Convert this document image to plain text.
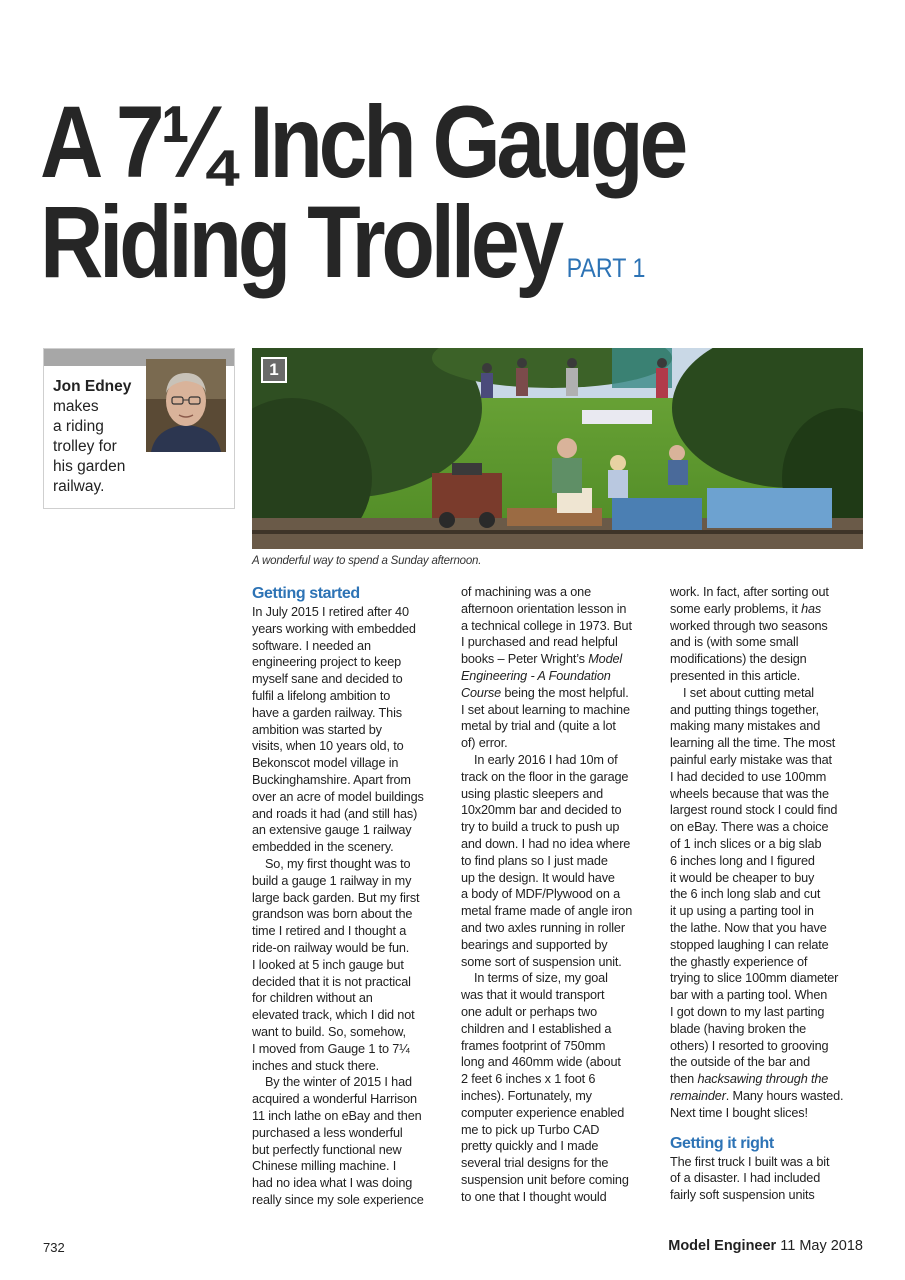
A 7¼ Inch Gauge
Riding Trolley PART 1
Jon Edney
makes
a riding
trolley for
his garden
railway.
1
A wonderful way to spend a Sunday afternoon.
Getting started

In July 2015 I retired after 40
years working with embedded
software. I needed an
engineering project to keep
myself sane and decided to
fulfil a lifelong ambition to
have a garden railway. This
ambition was started by
visits, when 10 years old, to
Bekonscot model village in
Buckinghamshire. Apart from
over an acre of model buildings
and roads it had (and still has)
an extensive gauge 1 railway
embedded in the scenery.

So, my first thought was to
build a gauge 1 railway in my
large back garden. But my first
grandson was born about the
time I retired and I thought a
ride-on railway would be fun.
I looked at 5 inch gauge but
decided that it is not practical
for children without an
elevated track, which I did not
want to build. So, somehow,
I moved from Gauge 1 to 7¼
inches and stuck there.

By the winter of 2015 I had
acquired a wonderful Harrison
11 inch lathe on eBay and then
purchased a less wonderful
but perfectly functional new
Chinese milling machine. I
had no idea what I was doing
really since my sole experience

of machining was a one
afternoon orientation lesson in
a technical college in 1973. But
I purchased and read helpful
books – Peter Wright’s Model
Engineering - A Foundation
Course being the most helpful.
I set about learning to machine
metal by trial and (quite a lot
of) error.

In early 2016 I had 10m of
track on the floor in the garage
using plastic sleepers and
10x20mm bar and decided to
try to build a truck to push up
and down. I had no idea where
to find plans so I just made
up the design. It would have
a body of MDF/Plywood on a
metal frame made of angle iron
and two axles running in roller
bearings and supported by
some sort of suspension unit.

In terms of size, my goal
was that it would transport
one adult or perhaps two
children and I established a
frames footprint of 750mm
long and 460mm wide (about
2 feet 6 inches x 1 foot 6
inches). Fortunately, my
computer experience enabled
me to pick up Turbo CAD
pretty quickly and I made
several trial designs for the
suspension unit before coming
to one that I thought would

work. In fact, after sorting out
some early problems, it has
worked through two seasons
and is (with some small
modifications) the design
presented in this article.

I set about cutting metal
and putting things together,
making many mistakes and
learning all the time. The most
painful early mistake was that
I had decided to use 100mm
wheels because that was the
largest round stock I could find
on eBay. There was a choice
of 1 inch slices or a big slab
6 inches long and I figured
it would be cheaper to buy
the 6 inch long slab and cut
it up using a parting tool in
the lathe. Now that you have
stopped laughing I can relate
the ghastly experience of
trying to slice 100mm diameter
bar with a parting tool. When
I got down to my last parting
blade (having broken the
others) I resorted to grooving
the outside of the bar and
then hacksawing through the
remainder. Many hours wasted.
Next time I bought slices!

Getting it right

The first truck I built was a bit
of a disaster. I had included
fairly soft suspension units

732	Model Engineer 11 May 2018
